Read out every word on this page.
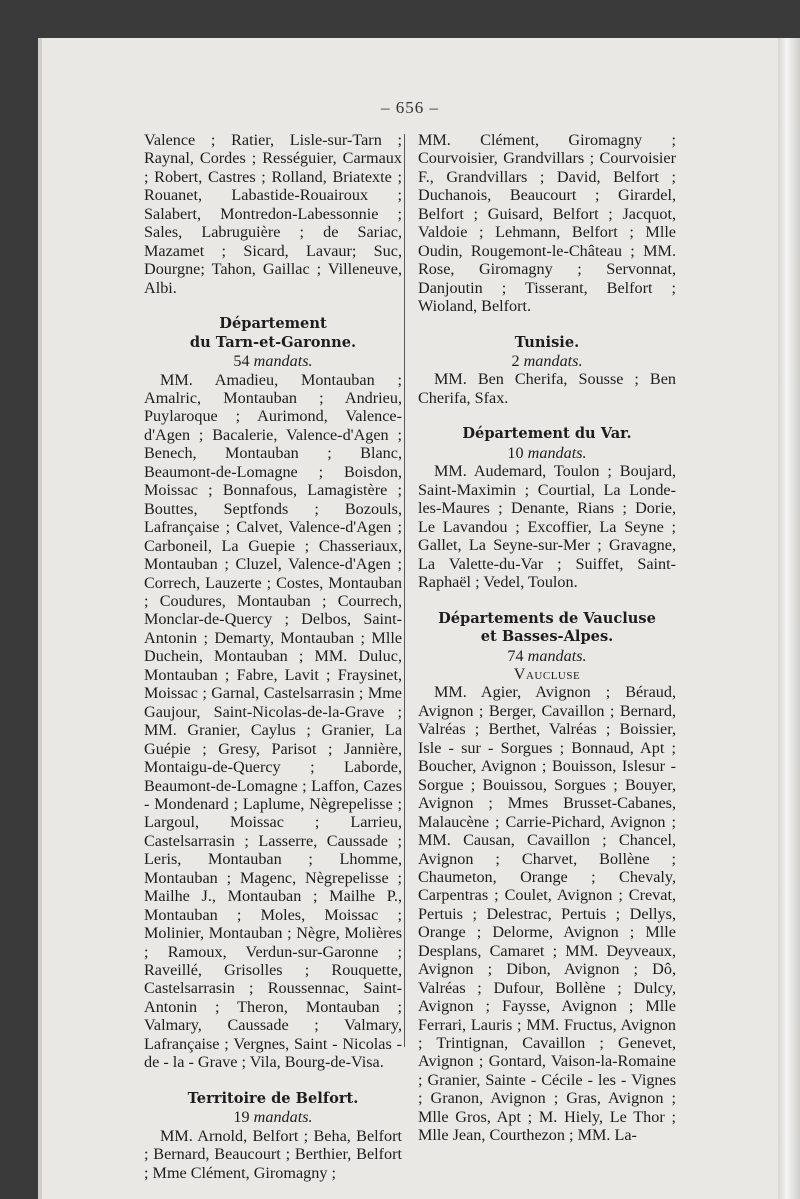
– 656 –

Valence ; Ratier, Lisle-sur-Tarn ; Raynal, Cordes ; Rességuier, Carmaux ; Robert, Castres ; Rolland, Briatexte ; Rouanet, Labastide-Rouairoux ; Salabert, Montredon-Labessonnie ; Sales, Labruguière ; de Sariac, Mazamet ; Sicard, Lavaur; Suc, Dourgne; Tahon, Gaillac ; Villeneuve, Albi.

Département

du Tarn-et-Garonne.

54 mandats.

MM. Amadieu, Montauban ; Amalric, Montauban ; Andrieu, Puylaroque ; Aurimond, Valence-d'Agen ; Bacalerie, Valence-d'Agen ; Benech, Montauban ; Blanc, Beaumont-de-Lomagne ; Boisdon, Moissac ; Bonnafous, Lamagistère ; Bouttes, Septfonds ; Bozouls, Lafrançaise ; Calvet, Valence-d'Agen ; Carboneil, La Guepie ; Chasseriaux, Montauban ; Cluzel, Valence-d'Agen ; Correch, Lauzerte ; Costes, Montauban ; Coudures, Montauban ; Courrech, Monclar-de-Quercy ; Delbos, Saint-Antonin ; Demarty, Montauban ; Mlle Duchein, Montauban ; MM. Duluc, Montauban ; Fabre, Lavit ; Fraysinet, Moissac ; Garnal, Castelsarrasin ; Mme Gaujour, Saint-Nicolas-de-la-Grave ; MM. Granier, Caylus ; Granier, La Guépie ; Gresy, Parisot ; Jannière, Montaigu-de-Quercy ; Laborde, Beaumont-de-Lomagne ; Laffon, Cazes - Mondenard ; Laplume, Nègrepelisse ; Largoul, Moissac ; Larrieu, Castelsarrasin ; Lasserre, Caussade ; Leris, Montauban ; Lhomme, Montauban ; Magenc, Nègrepelisse ; Mailhe J., Montauban ; Mailhe P., Montauban ; Moles, Moissac ; Molinier, Montauban ; Nègre, Molières ; Ramoux, Verdun-sur-Garonne ; Raveillé, Grisolles ; Rouquette, Castelsarrasin ; Roussennac, Saint-Antonin ; Theron, Montauban ; Valmary, Caussade ; Valmary, Lafrançaise ; Vergnes, Saint - Nicolas - de - la - Grave ; Vila, Bourg-de-Visa.

Territoire de Belfort.

19 mandats.

MM. Arnold, Belfort ; Beha, Belfort ; Bernard, Beaucourt ; Berthier, Belfort ; Mme Clément, Giromagny ;

MM. Clément, Giromagny ; Courvoisier, Grandvillars ; Courvoisier F., Grandvillars ; David, Belfort ; Duchanois, Beaucourt ; Girardel, Belfort ; Guisard, Belfort ; Jacquot, Valdoie ; Lehmann, Belfort ; Mlle Oudin, Rougemont-le-Château ; MM. Rose, Giromagny ; Servonnat, Danjoutin ; Tisserant, Belfort ; Wioland, Belfort.

Tunisie.

2 mandats.

MM. Ben Cherifa, Sousse ; Ben Cherifa, Sfax.

Département du Var.

10 mandats.

MM. Audemard, Toulon ; Boujard, Saint-Maximin ; Courtial, La Londe-les-Maures ; Denante, Rians ; Dorie, Le Lavandou ; Excoffier, La Seyne ; Gallet, La Seyne-sur-Mer ; Gravagne, La Valette-du-Var ; Suiffet, Saint-Raphaël ; Vedel, Toulon.

Départements de Vaucluse

et Basses-Alpes.

74 mandats.

Vaucluse

MM. Agier, Avignon ; Béraud, Avignon ; Berger, Cavaillon ; Bernard, Valréas ; Berthet, Valréas ; Boissier, Isle - sur - Sorgues ; Bonnaud, Apt ; Boucher, Avignon ; Bouisson, Islesur - Sorgue ; Bouissou, Sorgues ; Bouyer, Avignon ; Mmes Brusset-Cabanes, Malaucène ; Carrie-Pichard, Avignon ; MM. Causan, Cavaillon ; Chancel, Avignon ; Charvet, Bollène ; Chaumeton, Orange ; Chevaly, Carpentras ; Coulet, Avignon ; Crevat, Pertuis ; Delestrac, Pertuis ; Dellys, Orange ; Delorme, Avignon ; Mlle Desplans, Camaret ; MM. Deyveaux, Avignon ; Dibon, Avignon ; Dô, Valréas ; Dufour, Bollène ; Dulcy, Avignon ; Faysse, Avignon ; Mlle Ferrari, Lauris ; MM. Fructus, Avignon ; Trintignan, Cavaillon ; Genevet, Avignon ; Gontard, Vaison-la-Romaine ; Granier, Sainte - Cécile - les - Vignes ; Granon, Avignon ; Gras, Avignon ; Mlle Gros, Apt ; M. Hiely, Le Thor ; Mlle Jean, Courthezon ; MM. La-
